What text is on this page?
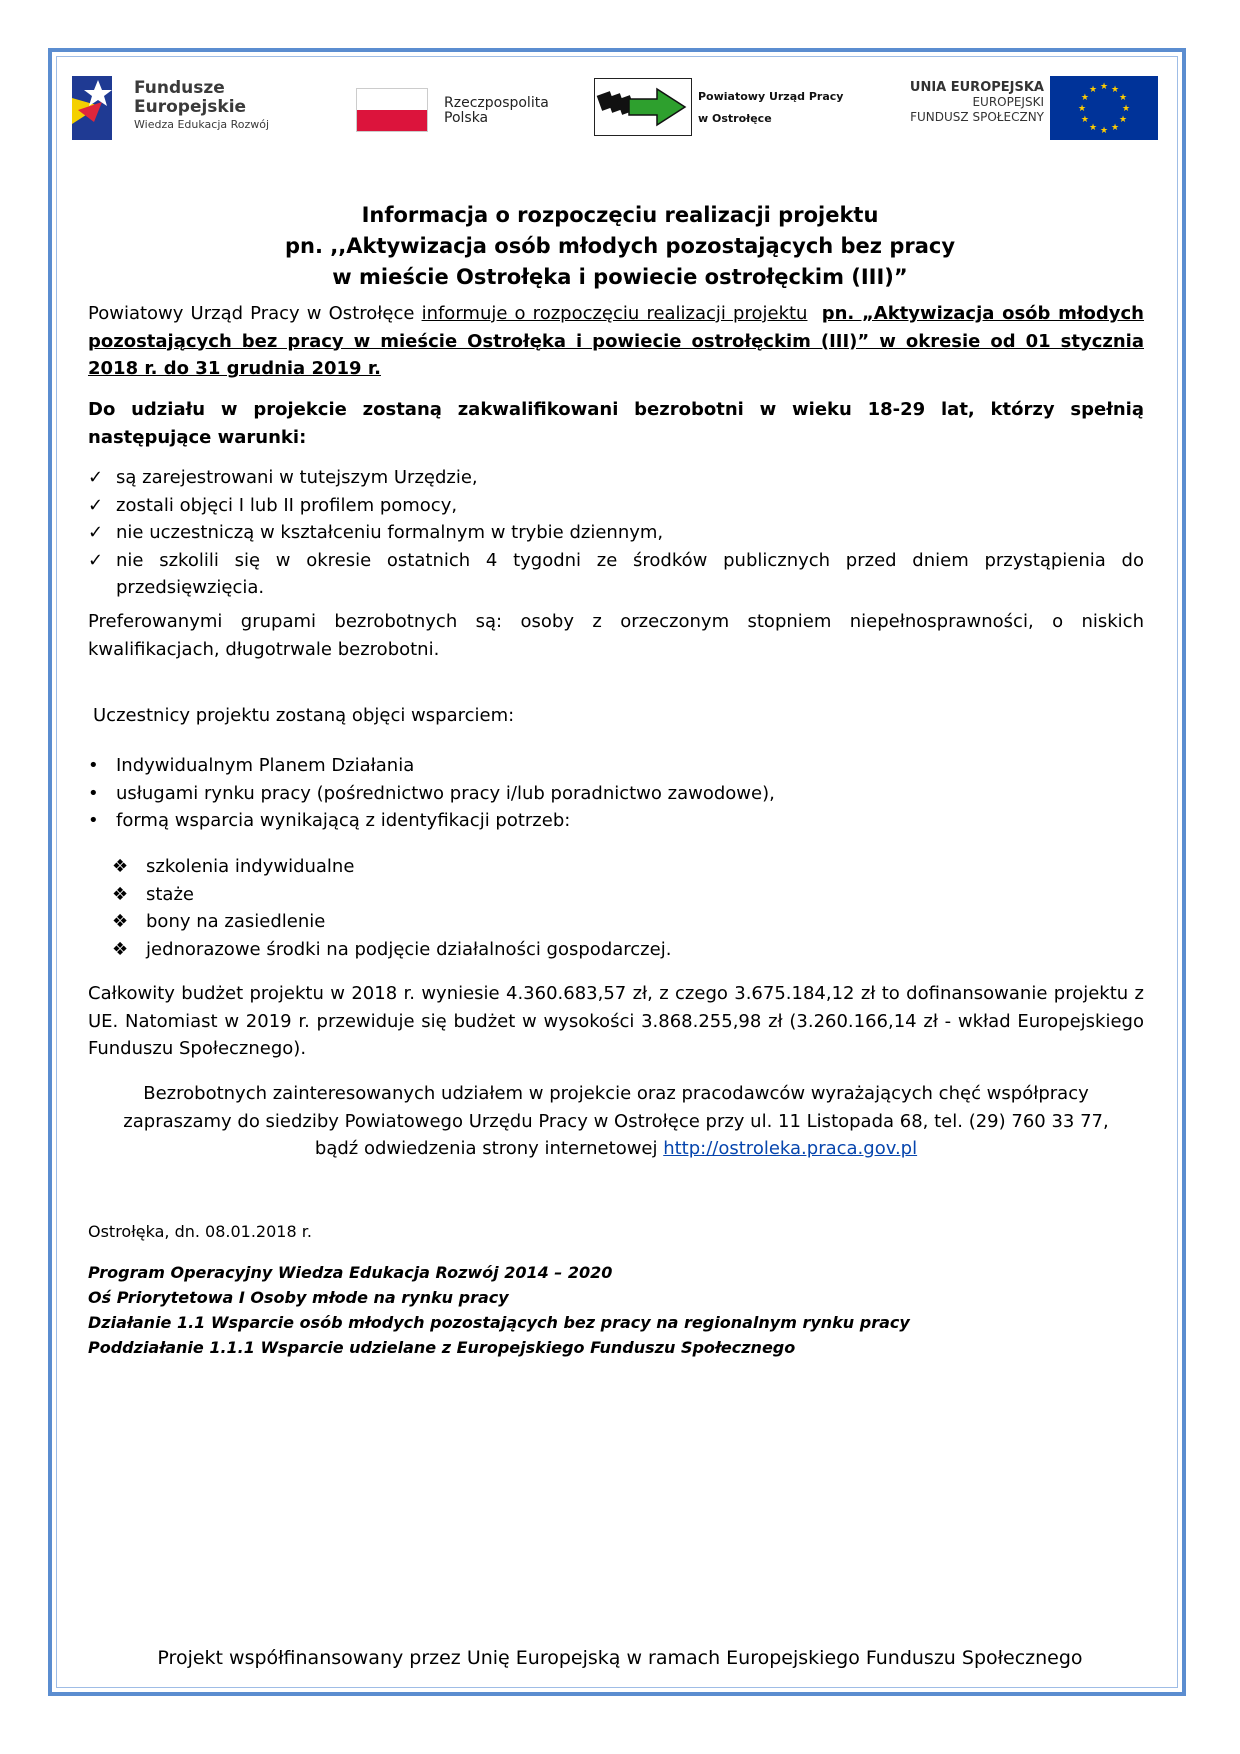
Fundusze
Europejskie
Wiedza Edukacja Rozwój
Rzeczpospolita
Polska
Powiatowy Urząd Pracy
w Ostrołęce
UNIA EUROPEJSKA
EUROPEJSKI
FUNDUSZ SPOŁECZNY
★ ★
★
★
★
★
★
★
★
★
★
★
Informacja o rozpoczęciu realizacji projektu
pn. ,,Aktywizacja osób młodych pozostających bez pracy
w mieście Ostrołęka i powiecie ostrołęckim (III)”
Powiatowy Urząd Pracy w Ostrołęce informuje o rozpoczęciu realizacji projektu pn. „Aktywizacja osób młodych pozostających bez pracy w mieście Ostrołęka i powiecie ostrołęckim (III)” w okresie od 01 stycznia 2018 r. do 31 grudnia 2019 r.
Do udziału w projekcie zostaną zakwalifikowani bezrobotni w wieku 18-29 lat, którzy spełnią następujące warunki:
✓ są zarejestrowani w tutejszym Urzędzie,
✓ zostali objęci I lub II profilem pomocy,
✓ nie uczestniczą w kształceniu formalnym w trybie dziennym,
✓ nie szkolili się w okresie ostatnich 4 tygodni ze środków publicznych przed dniem przystąpienia do przedsięwzięcia.
Preferowanymi grupami bezrobotnych są: osoby z orzeczonym stopniem niepełnosprawności, o niskich kwalifikacjach, długotrwale bezrobotni.
Uczestnicy projektu zostaną objęci wsparciem:
• Indywidualnym Planem Działania
• usługami rynku pracy (pośrednictwo pracy i/lub poradnictwo zawodowe),
• formą wsparcia wynikającą z identyfikacji potrzeb:
❖ szkolenia indywidualne
❖ staże
❖ bony na zasiedlenie
❖ jednorazowe środki na podjęcie działalności gospodarczej.
Całkowity budżet projektu w 2018 r. wyniesie 4.360.683,57 zł, z czego 3.675.184,12 zł to dofinansowanie projektu z UE. Natomiast w 2019 r. przewiduje się budżet w wysokości 3.868.255,98 zł (3.260.166,14 zł - wkład Europejskiego Funduszu Społecznego).
Bezrobotnych zainteresowanych udziałem w projekcie oraz pracodawców wyrażających chęć współpracy
zapraszamy do siedziby Powiatowego Urzędu Pracy w Ostrołęce przy ul. 11 Listopada 68, tel. (29) 760 33 77,
bądź odwiedzenia strony internetowej http://ostroleka.praca.gov.pl
Ostrołęka, dn. 08.01.2018 r.
Program Operacyjny Wiedza Edukacja Rozwój 2014 – 2020
Oś Priorytetowa I Osoby młode na rynku pracy
Działanie 1.1 Wsparcie osób młodych pozostających bez pracy na regionalnym rynku pracy
Poddziałanie 1.1.1 Wsparcie udzielane z Europejskiego Funduszu Społecznego
Projekt współfinansowany przez Unię Europejską w ramach Europejskiego Funduszu Społecznego
